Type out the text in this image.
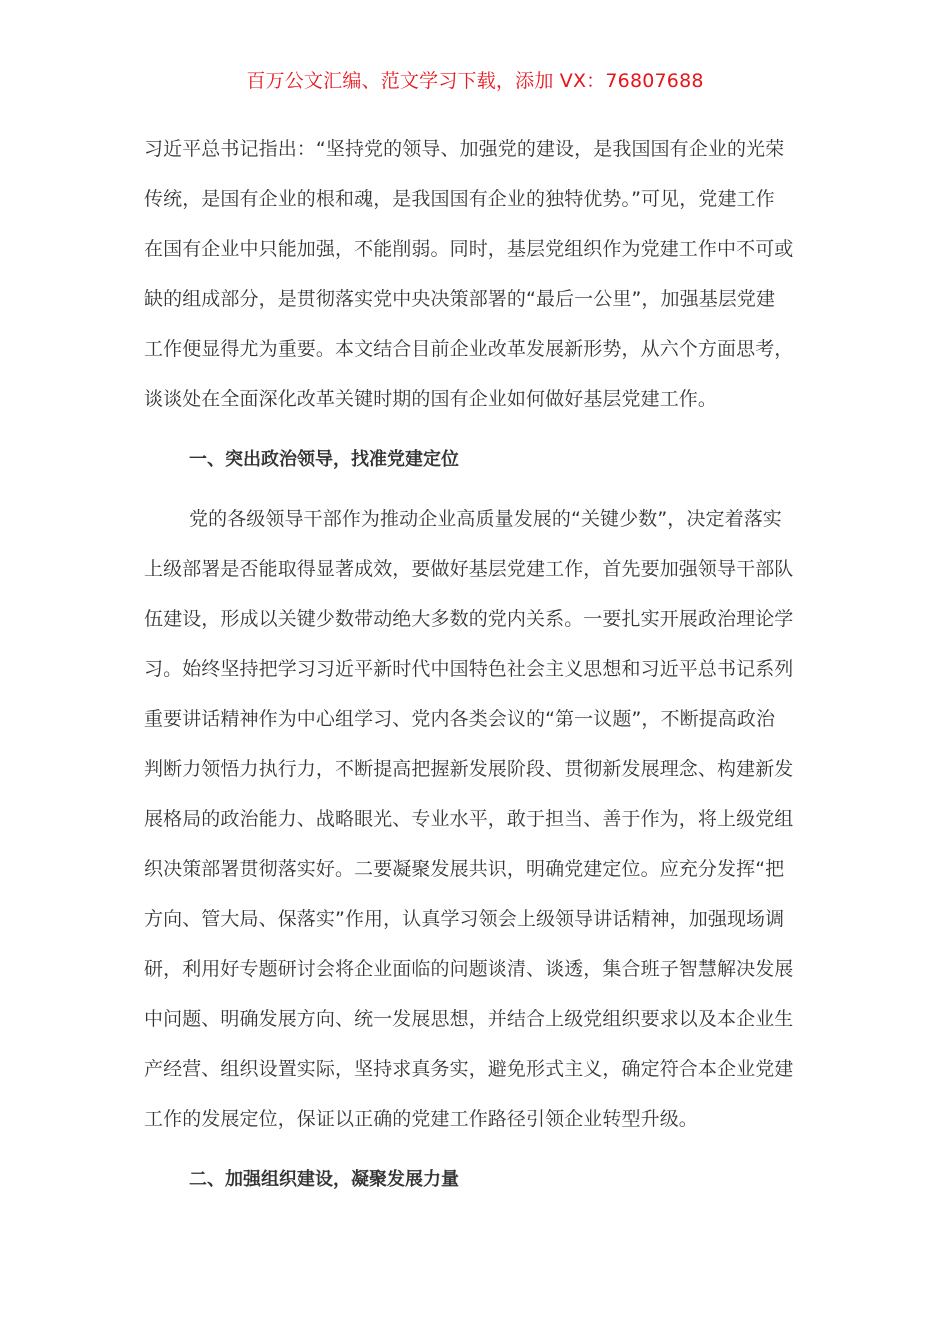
百万公文汇编、范文学习下载，添加 VX：76807688
习近平总书记指出：“坚持党的领导、加强党的建设，是我国国有企业的光荣
传统，是国有企业的根和魂，是我国国有企业的独特优势。”可见，党建工作
在国有企业中只能加强，不能削弱。同时，基层党组织作为党建工作中不可或
缺的组成部分，是贯彻落实党中央决策部署的“最后一公里”，加强基层党建
工作便显得尤为重要。本文结合目前企业改革发展新形势，从六个方面思考，
谈谈处在全面深化改革关键时期的国有企业如何做好基层党建工作。
一、突出政治领导，找准党建定位
党的各级领导干部作为推动企业高质量发展的“关键少数”，决定着落实
上级部署是否能取得显著成效，要做好基层党建工作，首先要加强领导干部队
伍建设，形成以关键少数带动绝大多数的党内关系。一要扎实开展政治理论学
习。始终坚持把学习习近平新时代中国特色社会主义思想和习近平总书记系列
重要讲话精神作为中心组学习、党内各类会议的“第一议题”，不断提高政治
判断力领悟力执行力，不断提高把握新发展阶段、贯彻新发展理念、构建新发
展格局的政治能力、战略眼光、专业水平，敢于担当、善于作为，将上级党组
织决策部署贯彻落实好。二要凝聚发展共识，明确党建定位。应充分发挥“把
方向、管大局、保落实”作用，认真学习领会上级领导讲话精神，加强现场调
研，利用好专题研讨会将企业面临的问题谈清、谈透，集合班子智慧解决发展
中问题、明确发展方向、统一发展思想，并结合上级党组织要求以及本企业生
产经营、组织设置实际，坚持求真务实，避免形式主义，确定符合本企业党建
工作的发展定位，保证以正确的党建工作路径引领企业转型升级。
二、加强组织建设，凝聚发展力量
